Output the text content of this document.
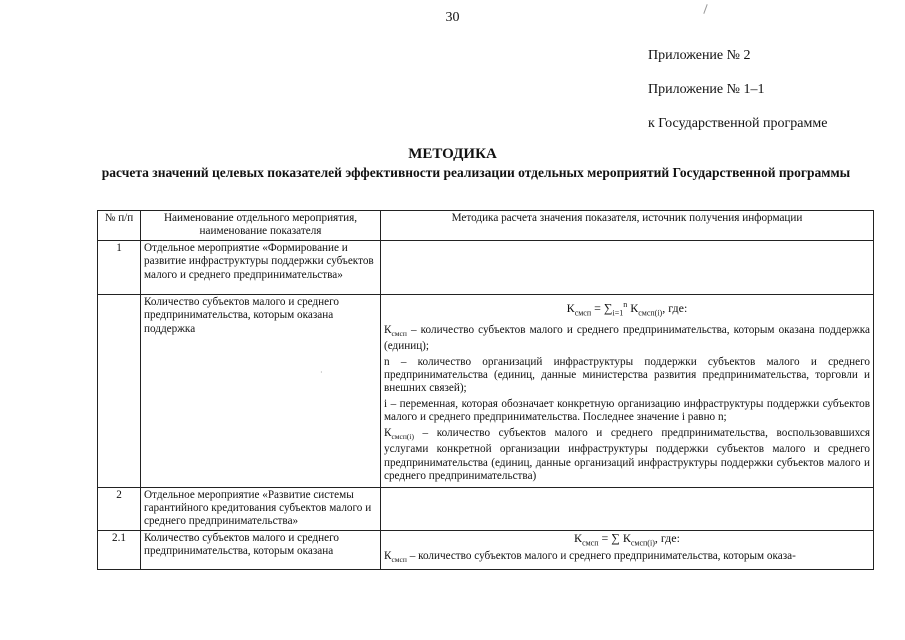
30
Приложение № 2
Приложение № 1–1
к Государственной программе
МЕТОДИКА
расчета значений целевых показателей эффективности реализации отдельных мероприятий Государственной программы
№ п/п	Наименование отдельного мероприятия, наименование показателя	Методика расчета значения показателя, источник получения информации
1	Отдельное мероприятие «Формирование и развитие инфраструктуры поддержки субъектов малого и среднего предпринимательства»	
	Количество субъектов малого и среднего предпринимательства, которым оказана поддержка	$К_{смсп} = \sum_{i=1}^n$ $К_{смсп(i)}$, где:

$К_{смсп}$ – количество субъектов малого и среднего предпринимательства, которым оказана поддержка (единиц);

n – количество организаций инфраструктуры поддержки субъектов малого и среднего предпринимательства (единиц, данные министерства развития предпринимательства, торговли и внешних связей);

i – переменная, которая обозначает конкретную организацию инфраструктуры поддержки субъектов малого и среднего предпринимательства. Последнее значение i равно n;

$К_{смсп(i)}$ – количество субъектов малого и среднего предпринимательства, воспользовавшихся услугами конкретной организации инфраструктуры поддержки субъектов малого и среднего предпринимательства (единиц, данные организаций инфраструктуры поддержки субъектов малого и среднего предпринимательства)

2	Отдельное мероприятие «Развитие системы гарантийного кредитования субъектов малого и среднего предпринимательства»	
2.1	Количество субъектов малого и среднего предпринимательства, которым оказана	$К_{смсп}$ = ∑ $К_{смсп(i)}$, где:

$К_{смсп}$ – количество субъектов малого и среднего предпринимательства, которым оказа-

·
